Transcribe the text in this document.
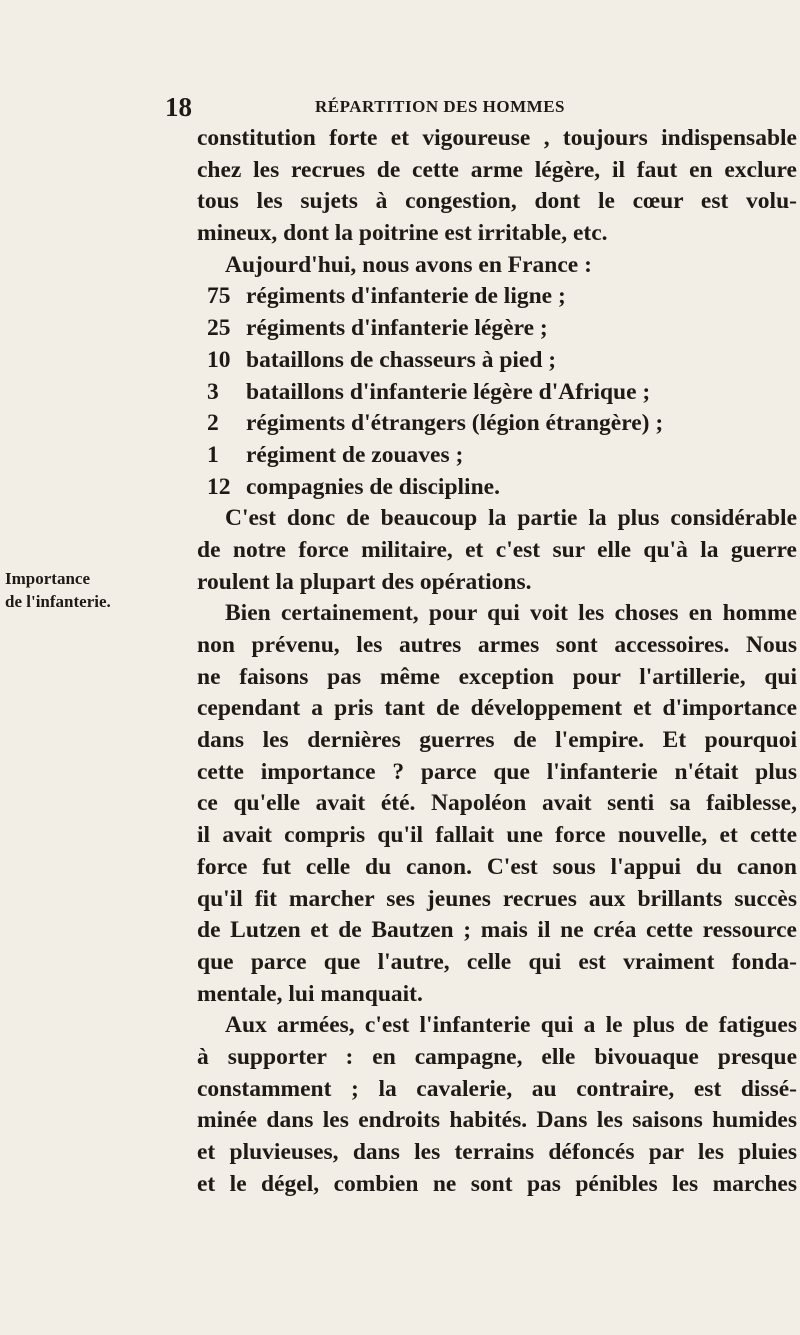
18	RÉPARTITION DES HOMMES
Importance
de l'infanterie.
constitution forte et vigoureuse , toujours indispensable
chez les recrues de cette arme légère, il faut en exclure
tous les sujets à congestion, dont le cœur est volu-
mineux, dont la poitrine est irritable, etc.
Aujourd'hui, nous avons en France :
75 régiments d'infanterie de ligne ;
25 régiments d'infanterie légère ;
10 bataillons de chasseurs à pied ;
3 bataillons d'infanterie légère d'Afrique ;
2 régiments d'étrangers (légion étrangère) ;
1 régiment de zouaves ;
12 compagnies de discipline.
C'est donc de beaucoup la partie la plus considérable
de notre force militaire, et c'est sur elle qu'à la guerre
roulent la plupart des opérations.
Bien certainement, pour qui voit les choses en homme
non prévenu, les autres armes sont accessoires. Nous
ne faisons pas même exception pour l'artillerie, qui
cependant a pris tant de développement et d'importance
dans les dernières guerres de l'empire. Et pourquoi
cette importance ? parce que l'infanterie n'était plus
ce qu'elle avait été. Napoléon avait senti sa faiblesse,
il avait compris qu'il fallait une force nouvelle, et cette
force fut celle du canon. C'est sous l'appui du canon
qu'il fit marcher ses jeunes recrues aux brillants succès
de Lutzen et de Bautzen ; mais il ne créa cette ressource
que parce que l'autre, celle qui est vraiment fonda-
mentale, lui manquait.
Aux armées, c'est l'infanterie qui a le plus de fatigues
à supporter : en campagne, elle bivouaque presque
constamment ; la cavalerie, au contraire, est dissé-
minée dans les endroits habités. Dans les saisons humides
et pluvieuses, dans les terrains défoncés par les pluies
et le dégel, combien ne sont pas pénibles les marches
